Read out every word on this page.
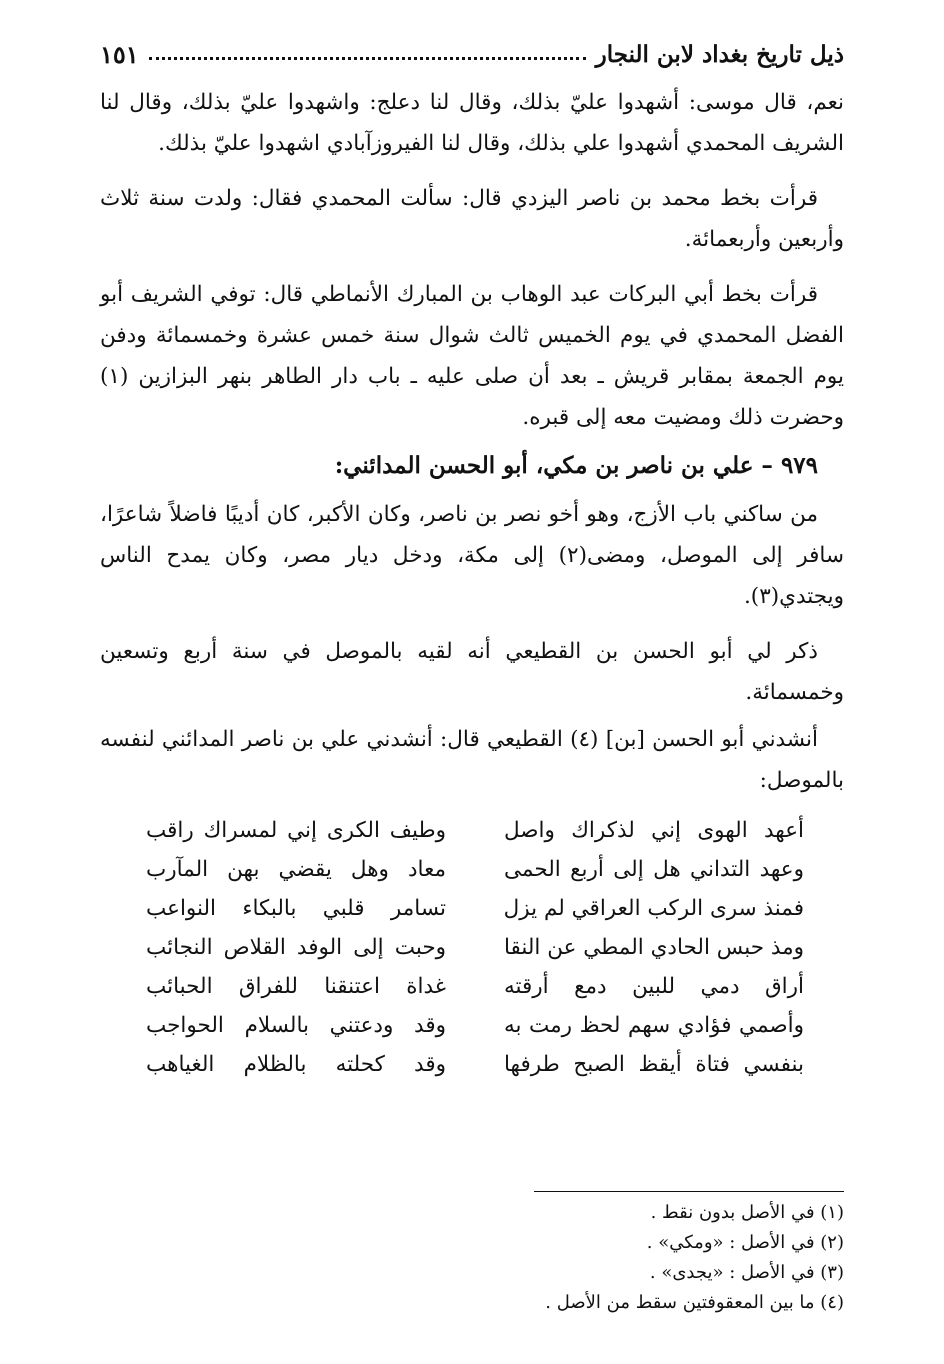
ذيل تاريخ بغداد لابن النجار
١٥١

نعم، قال موسى: أشهدوا عليّ بذلك، وقال لنا دعلج: واشهدوا عليّ بذلك، وقال لنا الشريف المحمدي أشهدوا علي بذلك، وقال لنا الفيروزآبادي اشهدوا عليّ بذلك.

قرأت بخط محمد بن ناصر اليزدي قال: سألت المحمدي فقال: ولدت سنة ثلاث وأربعين وأربعمائة.

قرأت بخط أبي البركات عبد الوهاب بن المبارك الأنماطي قال: توفي الشريف أبو الفضل المحمدي في يوم الخميس ثالث شوال سنة خمس عشرة وخمسمائة ودفن يوم الجمعة بمقابر قريش ـ بعد أن صلى عليه ـ باب دار الطاهر بنهر البزازين (١) وحضرت ذلك ومضيت معه إلى قبره.

٩٧٩ – علي بن ناصر بن مكي، أبو الحسن المدائني:

من ساكني باب الأزج، وهو أخو نصر بن ناصر، وكان الأكبر، كان أديبًا فاضلاً شاعرًا، سافر إلى الموصل، ومضى(٢) إلى مكة، ودخل ديار مصر، وكان يمدح الناس ويجتدي(٣).

ذكر لي أبو الحسن بن القطيعي أنه لقيه بالموصل في سنة أربع وتسعين وخمسمائة.

أنشدني أبو الحسن [بن] (٤) القطيعي قال: أنشدني علي بن ناصر المدائني لنفسه بالموصل:

أعهد الهوى إني لذكراك واصل
وطيف الكرى إني لمسراك راقب
وعهد التداني هل إلى أربع الحمى
معاد وهل يقضي بهن المآرب
فمنذ سرى الركب العراقي لم يزل
تسامر قلبي بالبكاء النواعب
ومذ حبس الحادي المطي عن النقا
وحبت إلى الوفد القلاص النجائب
أراق دمي للبين دمع أرقته
غداة اعتنقنا للفراق الحبائب
وأصمي فؤادي سهم لحظ رمت به
وقد ودعتني بالسلام الحواجب
بنفسي فتاة أيقظ الصبح طرفها
وقد كحلته بالظلام الغياهب

(١) في الأصل بدون نقط .

(٢) في الأصل : «ومكي» .

(٣) في الأصل : «يجدى» .

(٤) ما بين المعقوفتين سقط من الأصل .
